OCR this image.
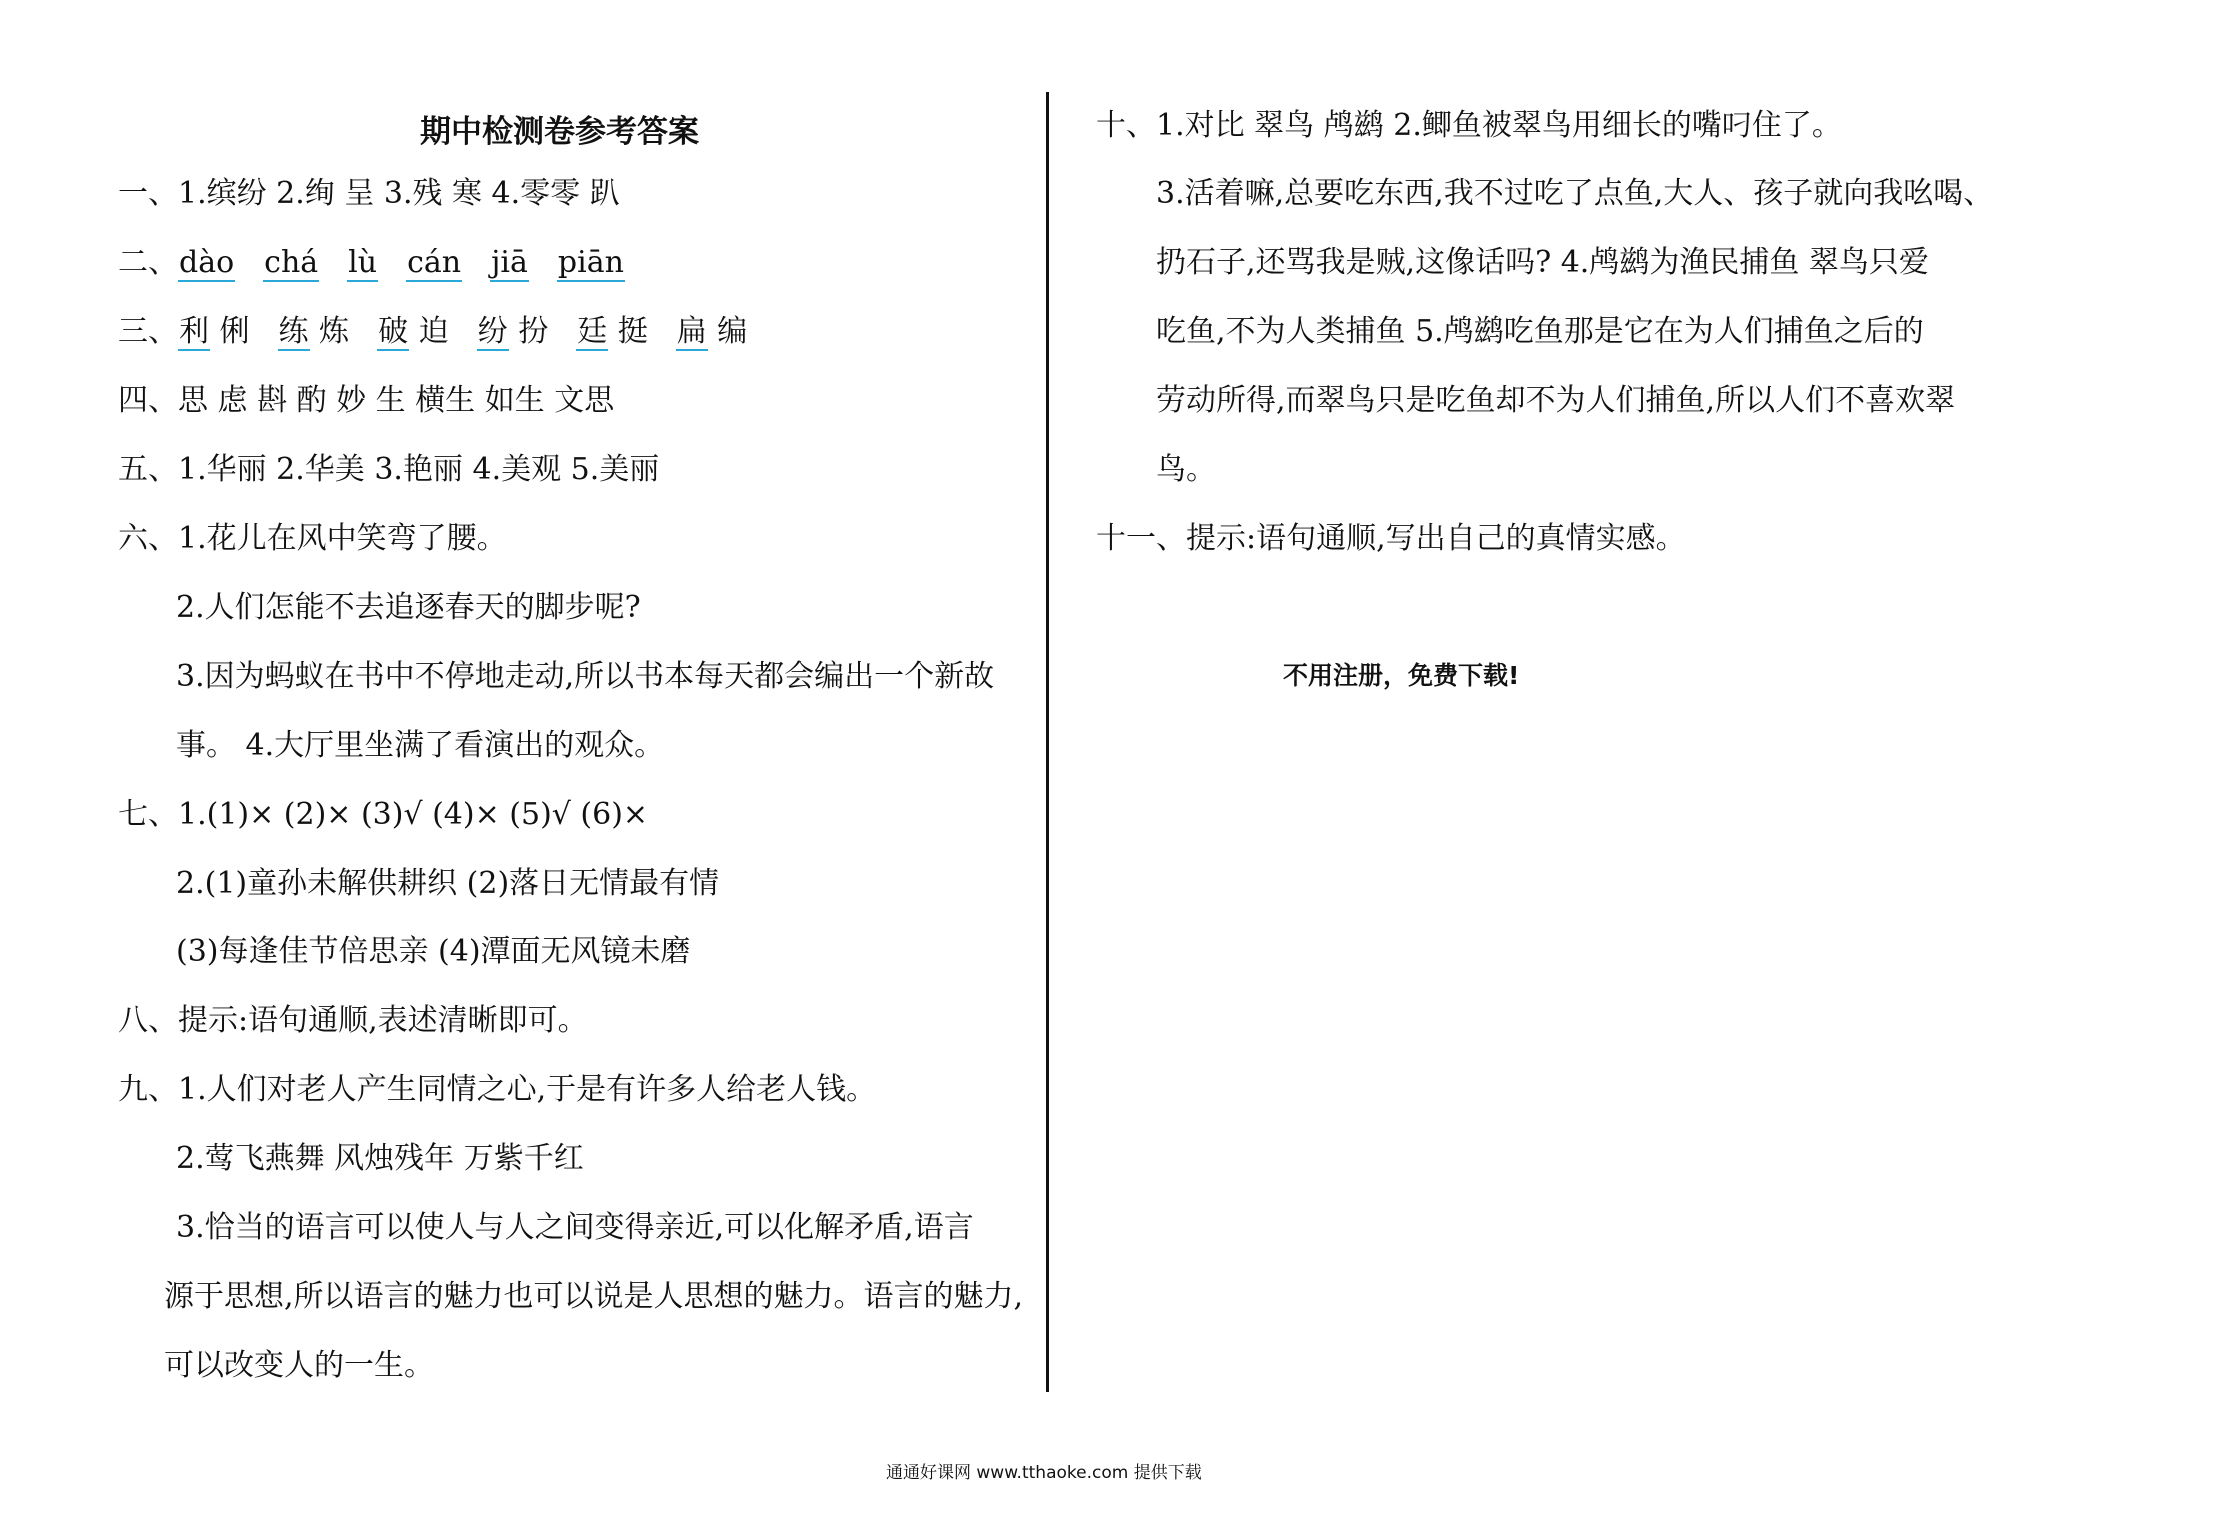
期中检测卷参考答案
一、1.缤纷 2.绚 呈 3.残 寒 4.零零 趴
二、dào chá lù cán jiā piān
三、利 俐 练 炼 破 迫 纷 扮 廷 挺 扁 编
四、思 虑 斟 酌 妙 生 横生 如生 文思
五、1.华丽 2.华美 3.艳丽 4.美观 5.美丽
六、1.花儿在风中笑弯了腰。
2.人们怎能不去追逐春天的脚步呢?
3.因为蚂蚁在书中不停地走动,所以书本每天都会编出一个新故
事。 4.大厅里坐满了看演出的观众。
七、1.(1)× (2)× (3)√ (4)× (5)√ (6)×
2.(1)童孙未解供耕织 (2)落日无情最有情
(3)每逢佳节倍思亲 (4)潭面无风镜未磨
八、提示:语句通顺,表述清晰即可。
九、1.人们对老人产生同情之心,于是有许多人给老人钱。
2.莺飞燕舞 风烛残年 万紫千红
3.恰当的语言可以使人与人之间变得亲近,可以化解矛盾,语言
源于思想,所以语言的魅力也可以说是人思想的魅力。语言的魅力,
可以改变人的一生。
十、1.对比 翠鸟 鸬鹚 2.鲫鱼被翠鸟用细长的嘴叼住了。
3.活着嘛,总要吃东西,我不过吃了点鱼,大人、孩子就向我吆喝、
扔石子,还骂我是贼,这像话吗? 4.鸬鹚为渔民捕鱼 翠鸟只爱
吃鱼,不为人类捕鱼 5.鸬鹚吃鱼那是它在为人们捕鱼之后的
劳动所得,而翠鸟只是吃鱼却不为人们捕鱼,所以人们不喜欢翠
鸟。
十一、提示:语句通顺,写出自己的真情实感。
不用注册，免费下载!
通通好课网 www.tthaoke.com 提供下载
